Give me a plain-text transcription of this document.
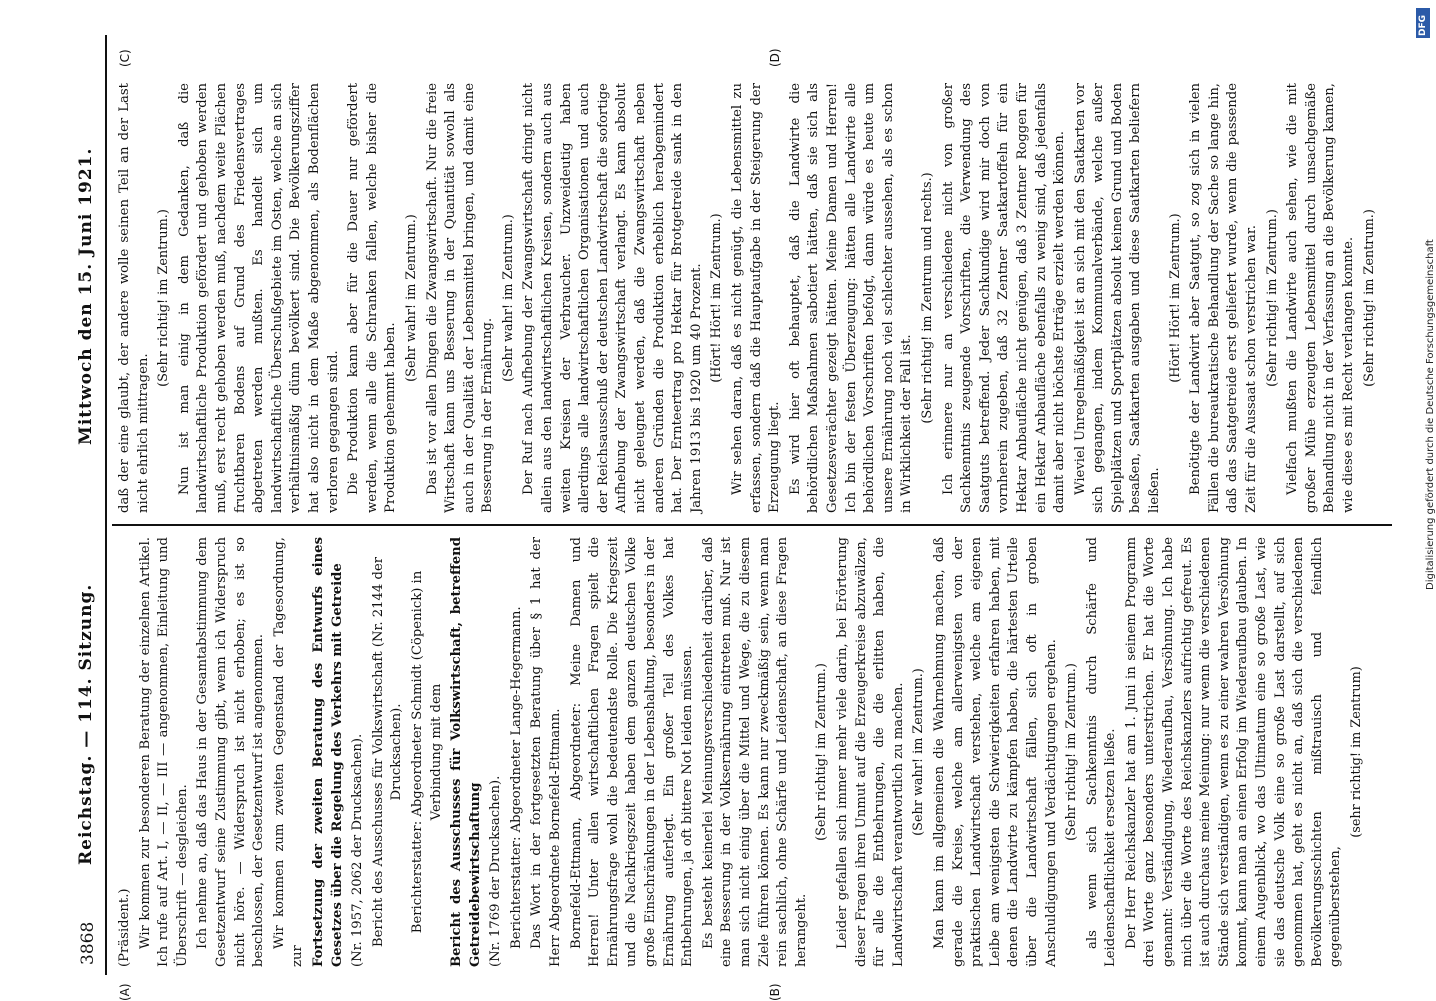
3868
Reichstag. — 114. Sitzung.
Mittwoch den 15. Juni 1921.
(A)	(B)
(C)	(D)

(Präsident.) Wir kommen zur besonderen Beratung der einzelnen Artikel. Ich rufe auf Art. I, — II, — III — angenommen, Einleitung und Überschrift — desgleichen. Ich nehme an, daß das Haus in der Gesamtabstimmung dem Gesetzentwurf seine Zustimmung gibt, wenn ich Widerspruch nicht höre. — Widerspruch ist nicht erhoben; es ist so beschlossen, der Gesetzentwurf ist angenommen. Wir kommen zum zweiten Gegenstand der Tagesordnung, zur Fortsetzung der zweiten Beratung des Entwurfs eines Gesetzes über die Regelung des Verkehrs mit Getreide (Nr. 1957, 2062 der Drucksachen). Bericht des Ausschusses für Volkswirtschaft (Nr. 2144 der Drucksachen). Berichterstatter: Abgeordneter Schmidt (Cöpenick) in Verbindung mit dem Bericht des Ausschusses für Volkswirtschaft, betreffend Getreidebewirtschaftung (Nr. 1769 der Drucksachen). Berichterstatter: Abgeordneter Lange-Hegermann. Das Wort in der fortgesetzten Beratung über § 1 hat der Herr Abgeordnete Bornefeld-Ettmann. Bornefeld-Ettmann, Abgeordneter: Meine Damen und Herren! Unter allen wirtschaftlichen Fragen spielt die Ernährungsfrage wohl die bedeutendste Rolle. Die Kriegszeit und die Nachkriegszeit haben dem ganzen deutschen Volke große Einschränkungen in der Lebenshaltung, besonders in der Ernährung auferlegt. Ein großer Teil des Volkes hat Entbehrungen, ja oft bittere Not leiden müssen. Es besteht keinerlei Meinungsverschiedenheit darüber, daß eine Besserung in der Volksernährung eintreten muß. Nur ist man sich nicht einig über die Mittel und Wege, die zu diesem Ziele führen können. Es kann nur zweckmäßig sein, wenn man rein sachlich, ohne Schärfe und Leidenschaft, an diese Fragen herangeht.

(Sehr richtig! im Zentrum.) Leider gefallen sich immer mehr viele darin, bei Erörterung dieser Fragen ihren Unmut auf die Erzeugerkreise abzuwälzen, für alle die Entbehrungen, die die erlitten haben, die Landwirtschaft verantwortlich zu machen. (Sehr wahr! im Zentrum.) Man kann im allgemeinen die Wahrnehmung machen, daß gerade die Kreise, welche am allerwenigsten von der praktischen Landwirtschaft verstehen, welche am eigenen Leibe am wenigsten die Schwierigkeiten erfahren haben, mit denen die Landwirte zu kämpfen haben, die härtesten Urteile über die Landwirtschaft fällen, sich oft in groben Anschuldigungen und Verdächtigungen ergehen. (Sehr richtig! im Zentrum.) als wenn sich Sachkenntnis durch Schärfe und Leidenschaftlichkeit ersetzen ließe. Der Herr Reichskanzler hat am 1. Juni in seinem Programm drei Worte ganz besonders unterstrichen. Er hat die Worte genannt: Verständigung, Wiederaufbau, Versöhnung. Ich habe mich über die Worte des Reichskanzlers aufrichtig gefreut. Es ist auch durchaus meine Meinung: nur wenn die verschiedenen Stände sich verständigen, wenn es zu einer wahren Versöhnung kommt, kann man an einen Erfolg im Wiederaufbau glauben. In einem Augenblick, wo das Ultimatum eine so große Last, wie sie das deutsche Volk eine so große Last darstellt, auf sich genommen hat, geht es nicht an, daß sich die verschiedenen Bevölkerungsschichten mißtrauisch und feindlich gegenüberstehen,

(sehr richtig! im Zentrum)

daß der eine glaubt, der andere wolle seinen Teil an der Last nicht ehrlich mittragen.

(Sehr richtig! im Zentrum.) Nun ist man einig in dem Gedanken, daß die landwirtschaftliche Produktion gefördert und gehoben werden muß, erst recht gehoben werden muß, nachdem weite Flächen fruchtbaren Bodens auf Grund des Friedensvertrages abgetreten werden mußten. Es handelt sich um landwirtschaftliche Überschußgebiete im Osten, welche an sich verhältnismäßig dünn bevölkert sind. Die Bevölkerungsziffer hat also nicht in dem Maße abgenommen, als Bodenflächen verloren gegangen sind. Die Produktion kann aber für die Dauer nur gefördert werden, wenn alle die Schranken fallen, welche bisher die Produktion gehemmt haben.

(Sehr wahr! im Zentrum.) Das ist vor allen Dingen die Zwangswirtschaft. Nur die freie Wirtschaft kann uns Besserung in der Quantität sowohl als auch in der Qualität der Lebensmittel bringen, und damit eine Besserung in der Ernährung.

(Sehr wahr! im Zentrum.) Der Ruf nach Aufhebung der Zwangswirtschaft dringt nicht allein aus den landwirtschaftlichen Kreisen, sondern auch aus weiten Kreisen der Verbraucher. Unzweideutig haben allerdings alle landwirtschaftlichen Organisationen und auch der Reichsausschuß der deutschen Landwirtschaft die sofortige Aufhebung der Zwangswirtschaft verlangt. Es kann absolut nicht geleugnet werden, daß die Zwangswirtschaft neben anderen Gründen die Produktion erheblich herabgemindert hat. Der Ernteertrag pro Hektar für Brotgetreide sank in den Jahren 1913 bis 1920 um 40 Prozent. (Hört! Hört! im Zentrum.) Wir sehen daran, daß es nicht genügt, die Lebensmittel zu erfassen, sondern daß die Hauptaufgabe in der Steigerung der Erzeugung liegt. Es wird hier oft behauptet, daß die Landwirte die behördlichen Maßnahmen sabotiert hätten, daß sie sich als Gesetzesverächter gezeigt hätten. Meine Damen und Herren! Ich bin der festen Überzeugung: hätten alle Landwirte alle behördlichen Vorschriften befolgt, dann würde es heute um unsere Ernährung noch viel schlechter aussehen, als es schon in Wirklichkeit der Fall ist.

(Sehr richtig! im Zentrum und rechts.) Ich erinnere nur an verschiedene nicht von großer Sachkenntnis zeugende Vorschriften, die Verwendung des Saatguts betreffend. Jeder Sachkundige wird mir doch von vornherein zugeben, daß 32 Zentner Saatkartoffeln für ein Hektar Anbaufläche nicht genügen, daß 3 Zentner Roggen für ein Hektar Anbaufläche ebenfalls zu wenig sind, daß jedenfalls damit aber nicht höchste Erträge erzielt werden können. Wieviel Unregelmäßigkeit ist an sich mit den Saatkarten vor sich gegangen, indem Kommunalverbände, welche außer Spielplätzen und Sportplätzen absolut keinen Grund und Boden besaßen, Saatkarten ausgaben und diese Saatkarten beliefern ließen.

(Hört! Hört! im Zentrum.) Benötigte der Landwirt aber Saatgut, so zog sich in vielen Fällen die bureaukratische Behandlung der Sache so lange hin, daß das Saatgetreide erst geliefert wurde, wenn die passende Zeit für die Aussaat schon verstrichen war. (Sehr richtig! im Zentrum.) Vielfach mußten die Landwirte auch sehen, wie die mit großer Mühe erzeugten Lebensmittel durch unsachgemäße Behandlung nicht in der Verfassung an die Bevölkerung kamen, wie diese es mit Recht verlangen konnte. (Sehr richtig! im Zentrum.)

DFG
Digitalisierung gefördert durch die Deutsche Forschungsgemeinschaft
